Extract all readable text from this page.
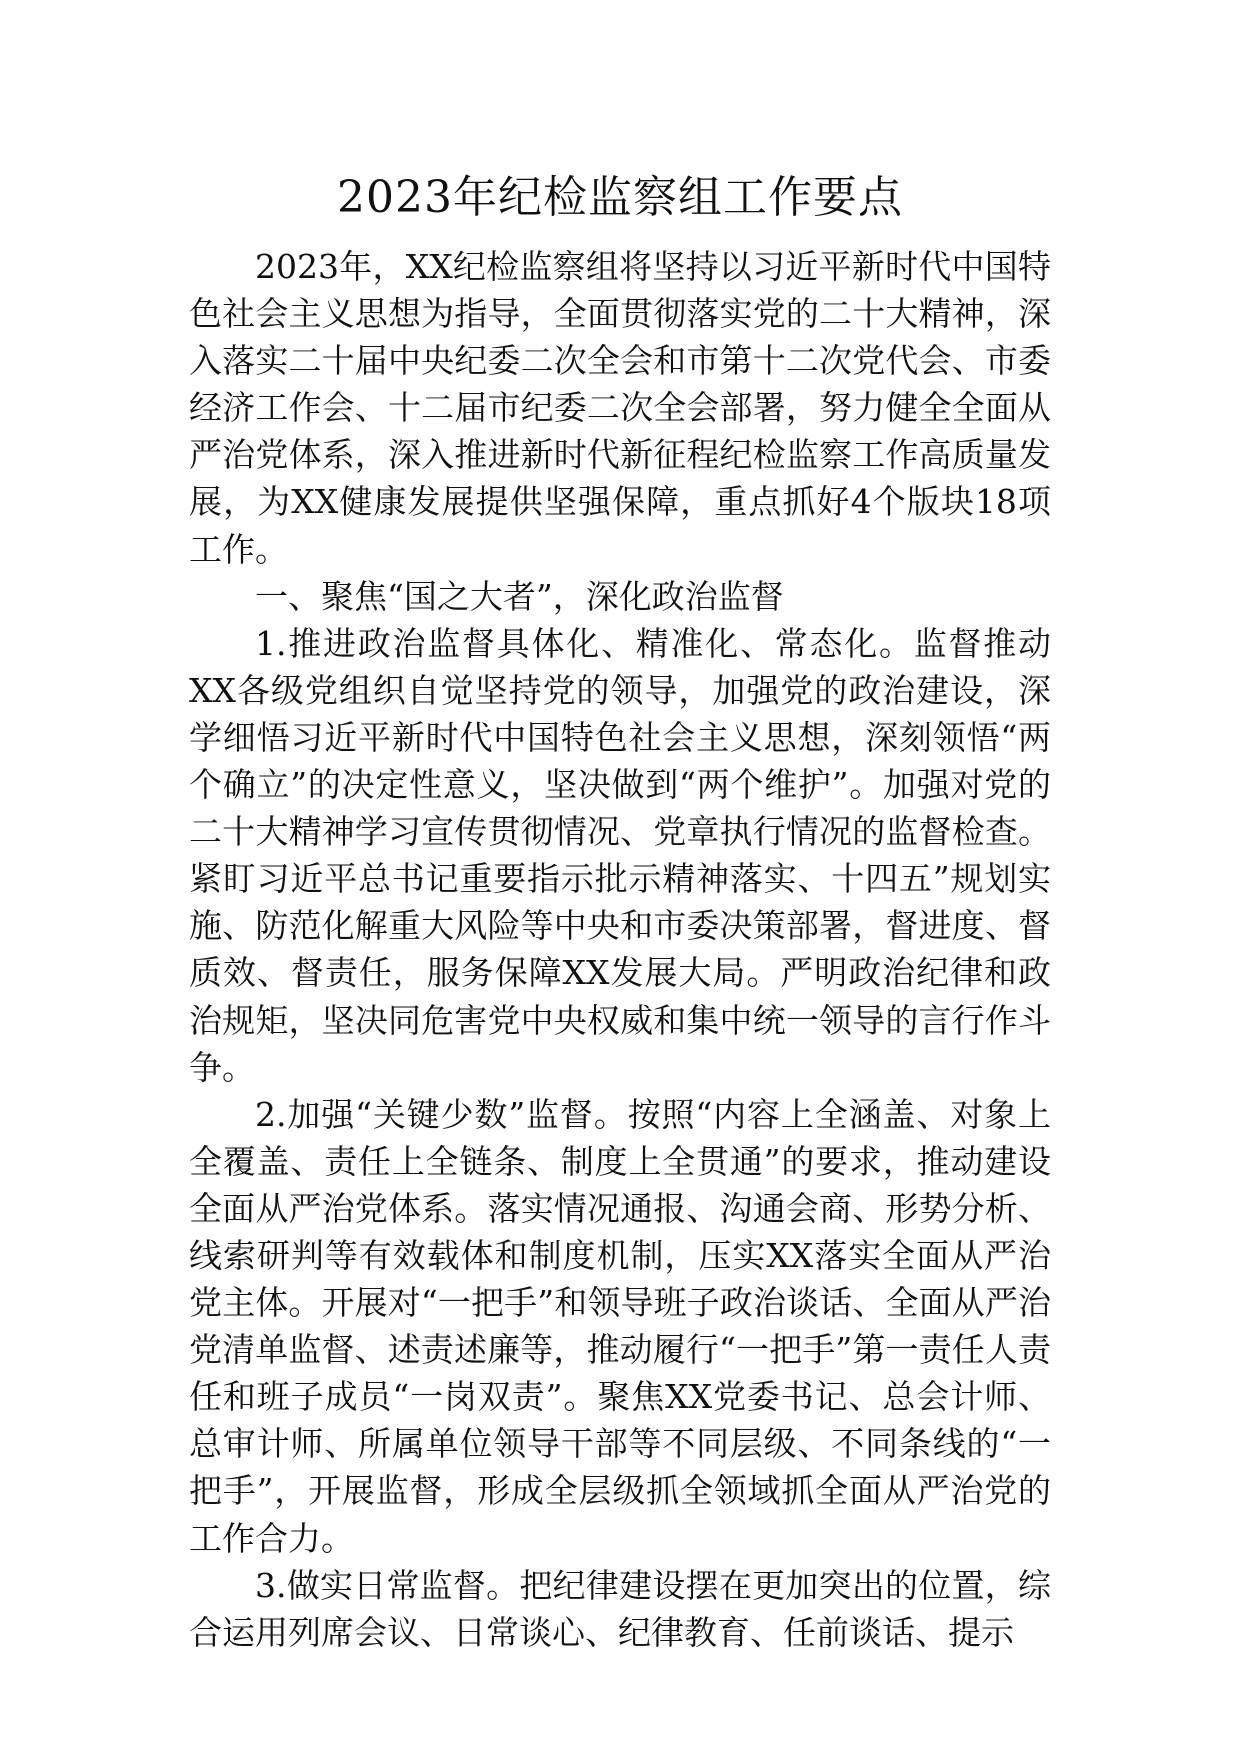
2023年纪检监察组工作要点

2023年，XX纪检监察组将坚持以习近平新时代中国特色社会主义思想为指导，全面贯彻落实党的二十大精神，深入落实二十届中央纪委二次全会和市第十二次党代会、市委经济工作会、十二届市纪委二次全会部署，努力健全全面从严治党体系，深入推进新时代新征程纪检监察工作高质量发展，为XX健康发展提供坚强保障，重点抓好4个版块18项工作。

一、聚焦“国之大者”，深化政治监督

1.推进政治监督具体化、精准化、常态化。监督推动XX各级党组织自觉坚持党的领导，加强党的政治建设，深学细悟习近平新时代中国特色社会主义思想，深刻领悟“两个确立”的决定性意义，坚决做到“两个维护”。加强对党的二十大精神学习宣传贯彻情况、党章执行情况的监督检查。紧盯习近平总书记重要指示批示精神落实、十四五”规划实施、防范化解重大风险等中央和市委决策部署，督进度、督质效、督责任，服务保障XX发展大局。严明政治纪律和政治规矩，坚决同危害党中央权威和集中统一领导的言行作斗争。

2.加强“关键少数”监督。按照“内容上全涵盖、对象上全覆盖、责任上全链条、制度上全贯通”的要求，推动建设全面从严治党体系。落实情况通报、沟通会商、形势分析、线索研判等有效载体和制度机制，压实XX落实全面从严治党主体。开展对“一把手”和领导班子政治谈话、全面从严治党清单监督、述责述廉等，推动履行“一把手”第一责任人责任和班子成员“一岗双责”。聚焦XX党委书记、总会计师、总审计师、所属单位领导干部等不同层级、不同条线的“一把手”，开展监督，形成全层级抓全领域抓全面从严治党的工作合力。

3.做实日常监督。把纪律建设摆在更加突出的位置，综合运用列席会议、日常谈心、纪律教育、任前谈话、提示
